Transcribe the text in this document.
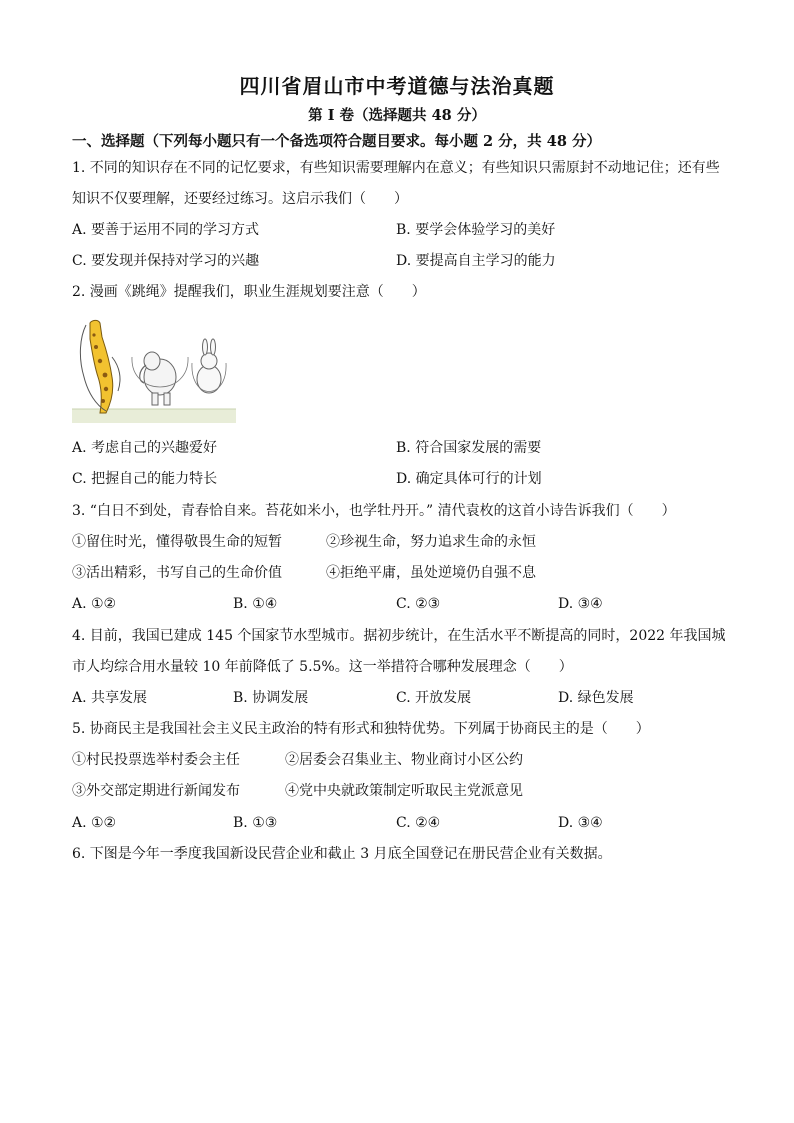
四川省眉山市中考道德与法治真题
第 I 卷（选择题共 48 分）
一、选择题（下列每小题只有一个备选项符合题目要求。每小题 2 分，共 48 分）
1. 不同的知识存在不同的记忆要求，有些知识需要理解内在意义；有些知识只需原封不动地记住；还有些
知识不仅要理解，还要经过练习。这启示我们（　　）
A. 要善于运用不同的学习方式	B. 要学会体验学习的美好
C. 要发现并保持对学习的兴趣	D. 要提高自主学习的能力
2. 漫画《跳绳》提醒我们，职业生涯规划要注意（　　）
A. 考虑自己的兴趣爱好	B. 符合国家发展的需要
C. 把握自己的能力特长	D. 确定具体可行的计划
3. “白日不到处，青春恰自来。苔花如米小，也学牡丹开。” 清代袁枚的这首小诗告诉我们（　　）
①留住时光，懂得敬畏生命的短暂	②珍视生命，努力追求生命的永恒
③活出精彩，书写自己的生命价值	④拒绝平庸，虽处逆境仍自强不息
A. ①②	B. ①④	C. ②③	D. ③④
4. 目前，我国已建成 145 个国家节水型城市。据初步统计，在生活水平不断提高的同时，2022 年我国城
市人均综合用水量较 10 年前降低了 5.5%。这一举措符合哪种发展理念（　　）
A. 共享发展	B. 协调发展	C. 开放发展	D. 绿色发展
5. 协商民主是我国社会主义民主政治的特有形式和独特优势。下列属于协商民主的是（　　）
①村民投票选举村委会主任	②居委会召集业主、物业商讨小区公约
③外交部定期进行新闻发布	④党中央就政策制定听取民主党派意见
A. ①②	B. ①③	C. ②④	D. ③④
6. 下图是今年一季度我国新设民营企业和截止 3 月底全国登记在册民营企业有关数据。
